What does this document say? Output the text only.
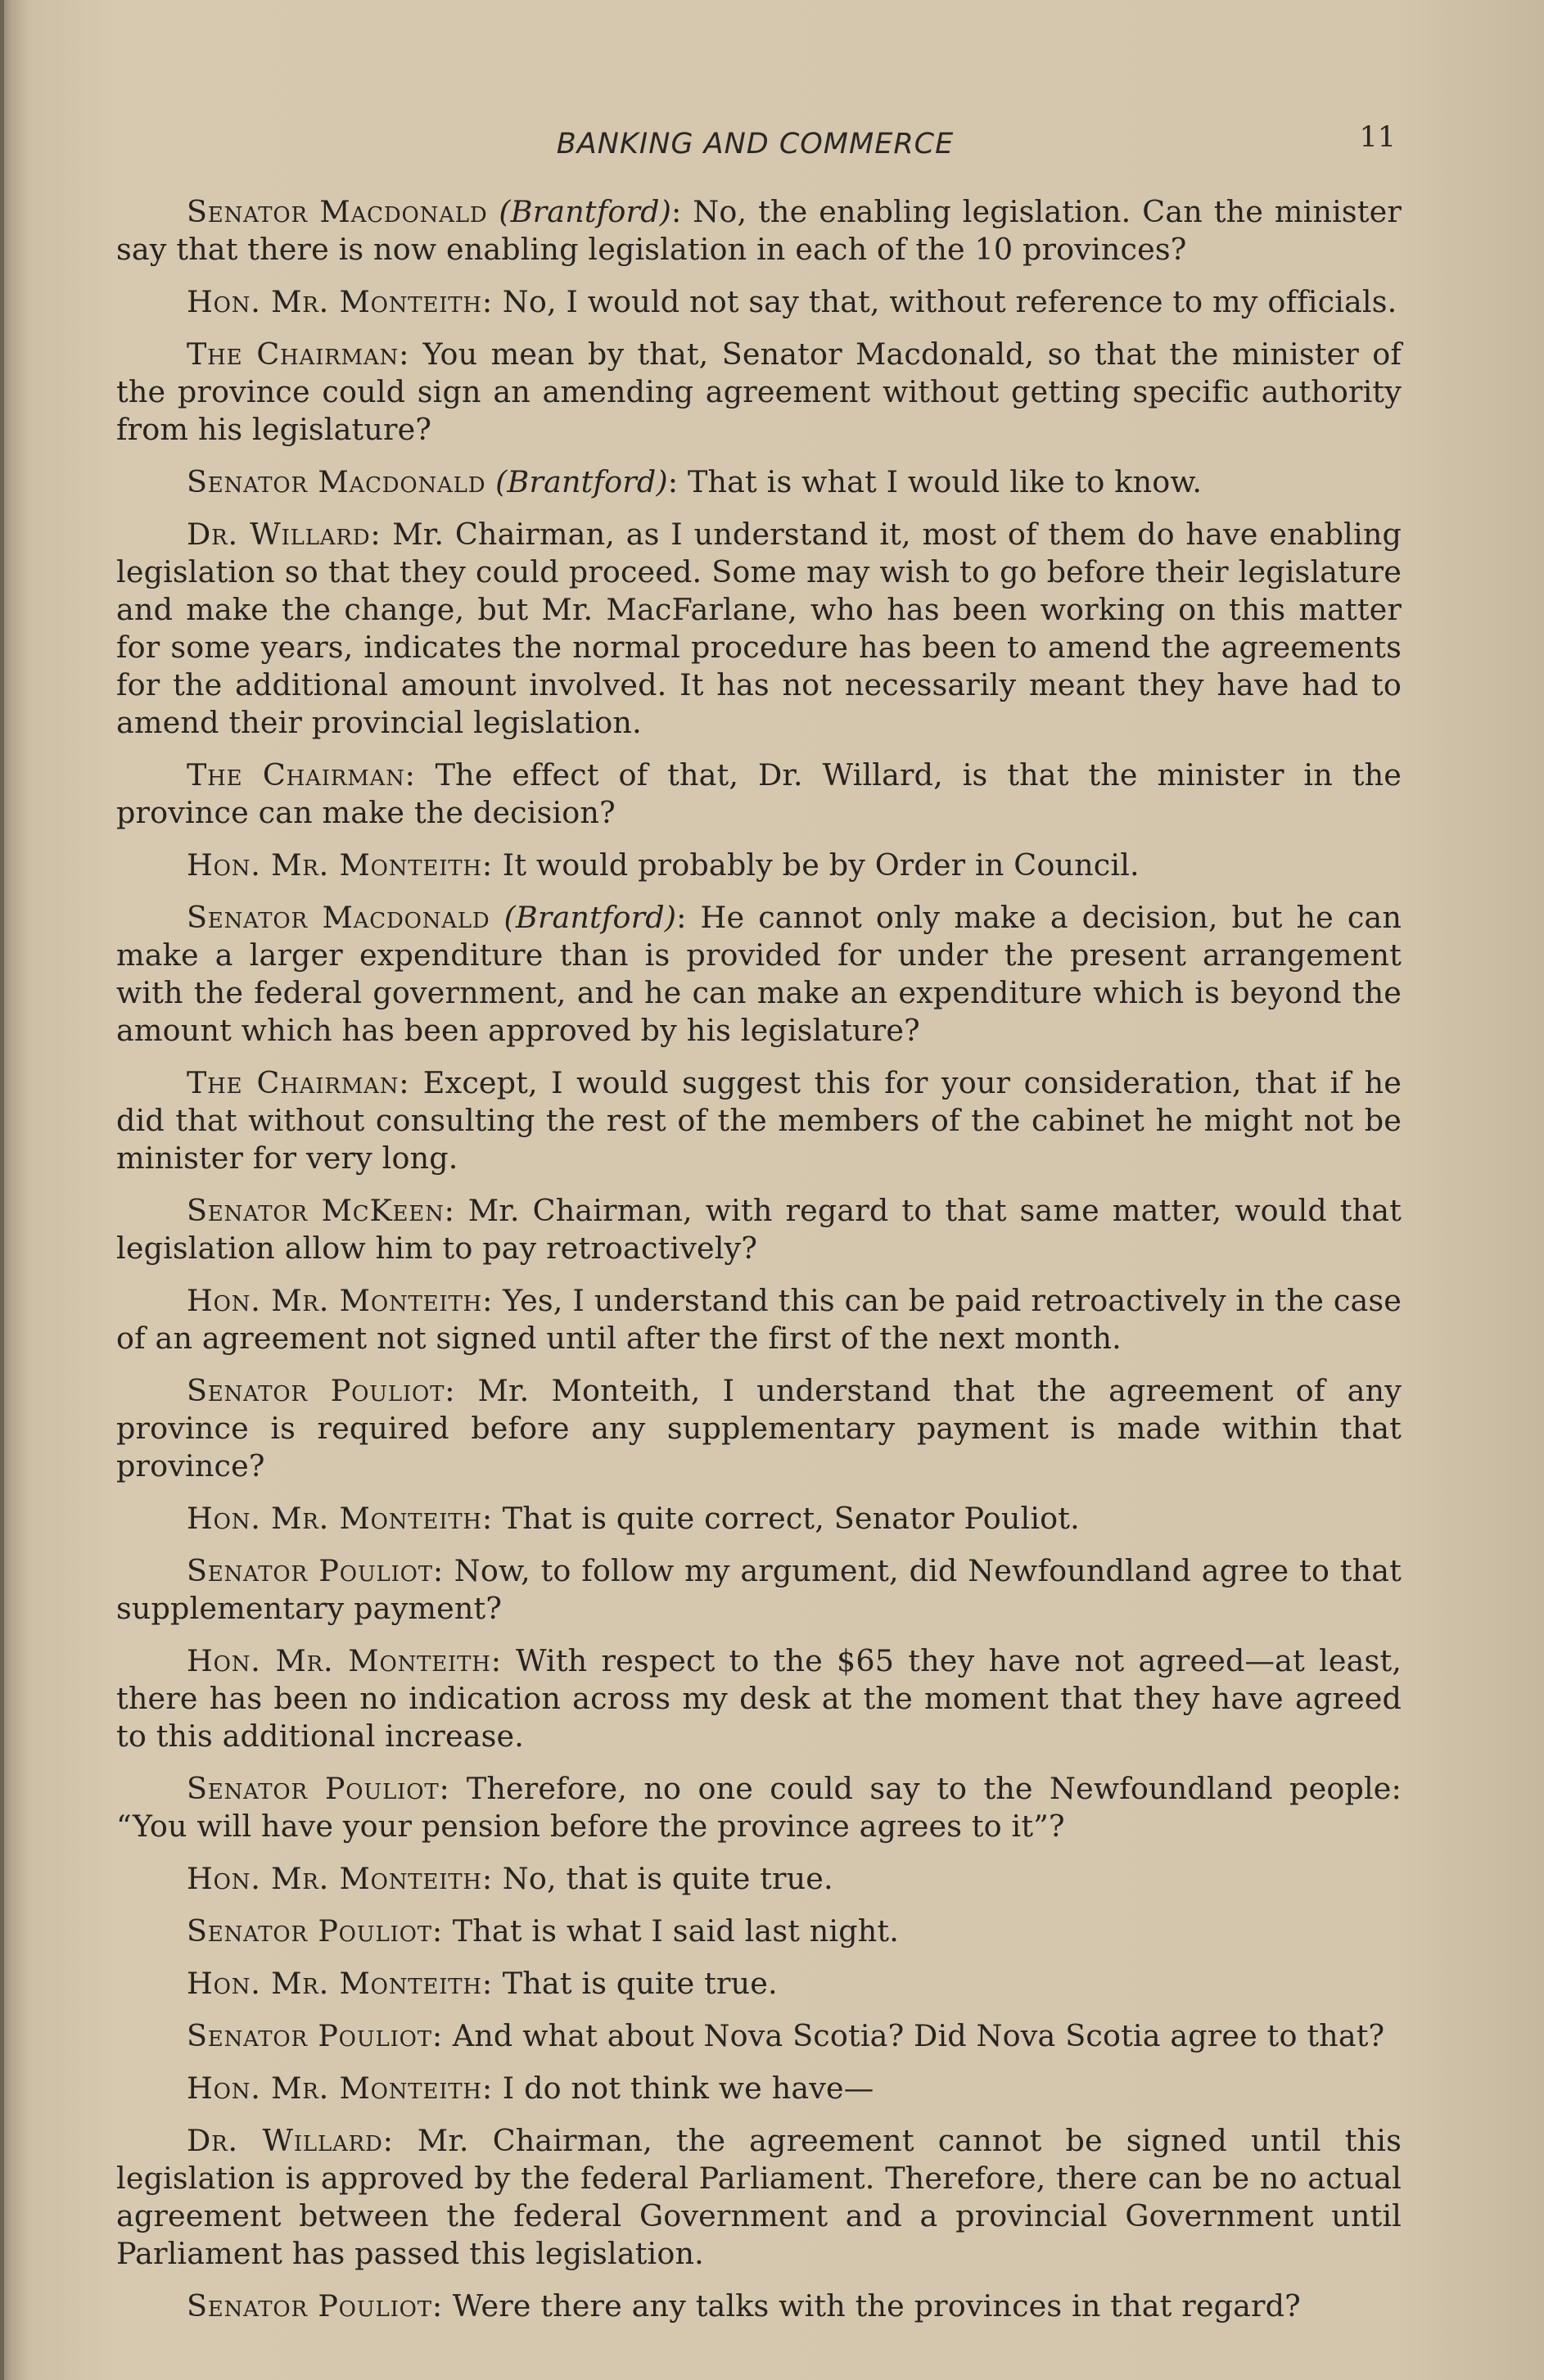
BANKING AND COMMERCE	11

Senator Macdonald (Brantford): No, the enabling legislation. Can the minister say that there is now enabling legislation in each of the 10 provinces?

Hon. Mr. Monteith: No, I would not say that, without reference to my officials.

The Chairman: You mean by that, Senator Macdonald, so that the minister of the province could sign an amending agreement without getting specific authority from his legislature?

Senator Macdonald (Brantford): That is what I would like to know.

Dr. Willard: Mr. Chairman, as I understand it, most of them do have enabling legislation so that they could proceed. Some may wish to go before their legislature and make the change, but Mr. MacFarlane, who has been working on this matter for some years, indicates the normal procedure has been to amend the agreements for the additional amount involved. It has not necessarily meant they have had to amend their provincial legislation.

The Chairman: The effect of that, Dr. Willard, is that the minister in the province can make the decision?

Hon. Mr. Monteith: It would probably be by Order in Council.

Senator Macdonald (Brantford): He cannot only make a decision, but he can make a larger expenditure than is provided for under the present arrangement with the federal government, and he can make an expenditure which is beyond the amount which has been approved by his legislature?

The Chairman: Except, I would suggest this for your consideration, that if he did that without consulting the rest of the members of the cabinet he might not be minister for very long.

Senator McKeen: Mr. Chairman, with regard to that same matter, would that legislation allow him to pay retroactively?

Hon. Mr. Monteith: Yes, I understand this can be paid retroactively in the case of an agreement not signed until after the first of the next month.

Senator Pouliot: Mr. Monteith, I understand that the agreement of any province is required before any supplementary payment is made within that province?

Hon. Mr. Monteith: That is quite correct, Senator Pouliot.

Senator Pouliot: Now, to follow my argument, did Newfoundland agree to that supplementary payment?

Hon. Mr. Monteith: With respect to the $65 they have not agreed—at least, there has been no indication across my desk at the moment that they have agreed to this additional increase.

Senator Pouliot: Therefore, no one could say to the Newfoundland people: “You will have your pension before the province agrees to it”?

Hon. Mr. Monteith: No, that is quite true.

Senator Pouliot: That is what I said last night.

Hon. Mr. Monteith: That is quite true.

Senator Pouliot: And what about Nova Scotia? Did Nova Scotia agree to that?

Hon. Mr. Monteith: I do not think we have—

Dr. Willard: Mr. Chairman, the agreement cannot be signed until this legislation is approved by the federal Parliament. Therefore, there can be no actual agreement between the federal Government and a provincial Government until Parliament has passed this legislation.

Senator Pouliot: Were there any talks with the provinces in that regard?
